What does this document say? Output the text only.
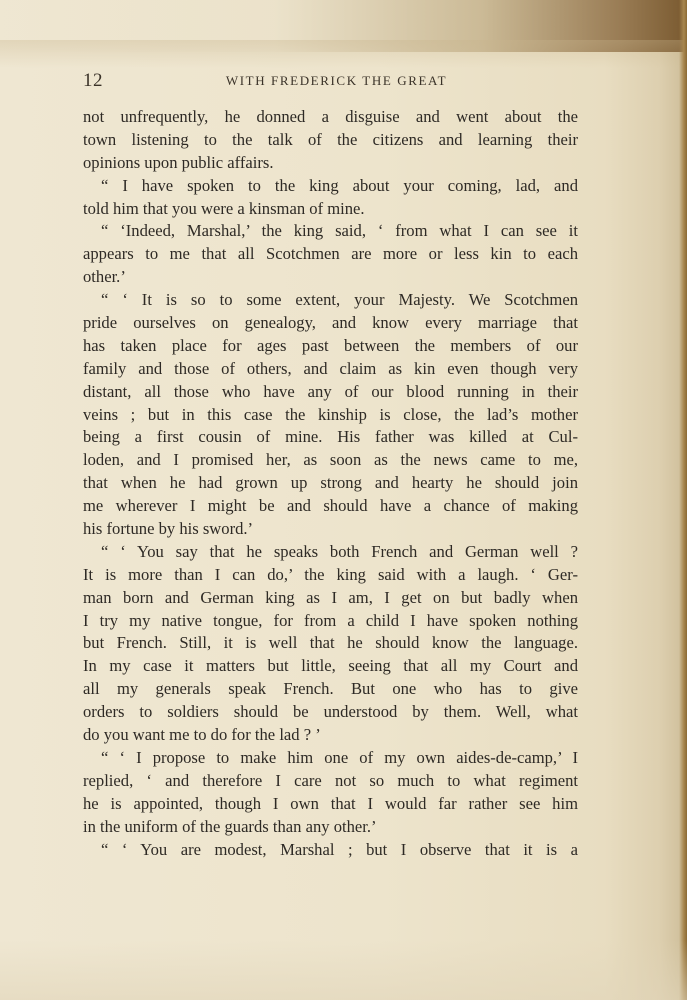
12	WITH FREDERICK THE GREAT
not unfrequently, he donned a disguise and went about the
town listening to the talk of the citizens and learning their
opinions upon public affairs.
“ I have spoken to the king about your coming, lad, and
told him that you were a kinsman of mine.
“ ‘Indeed, Marshal,’ the king said, ‘ from what I can see it
appears to me that all Scotchmen are more or less kin to each
other.’
“ ‘ It is so to some extent, your Majesty. We Scotchmen
pride ourselves on genealogy, and know every marriage that
has taken place for ages past between the members of our
family and those of others, and claim as kin even though very
distant, all those who have any of our blood running in their
veins ; but in this case the kinship is close, the lad’s mother
being a first cousin of mine. His father was killed at Cul-
loden, and I promised her, as soon as the news came to me,
that when he had grown up strong and hearty he should join
me wherever I might be and should have a chance of making
his fortune by his sword.’
“ ‘ You say that he speaks both French and German well ?
It is more than I can do,’ the king said with a laugh. ‘ Ger-
man born and German king as I am, I get on but badly when
I try my native tongue, for from a child I have spoken nothing
but French. Still, it is well that he should know the language.
In my case it matters but little, seeing that all my Court and
all my generals speak French. But one who has to give
orders to soldiers should be understood by them. Well, what
do you want me to do for the lad ? ’
“ ‘ I propose to make him one of my own aides-de-camp,’ I
replied, ‘ and therefore I care not so much to what regiment
he is appointed, though I own that I would far rather see him
in the uniform of the guards than any other.’
“ ‘ You are modest, Marshal ; but I observe that it is a
